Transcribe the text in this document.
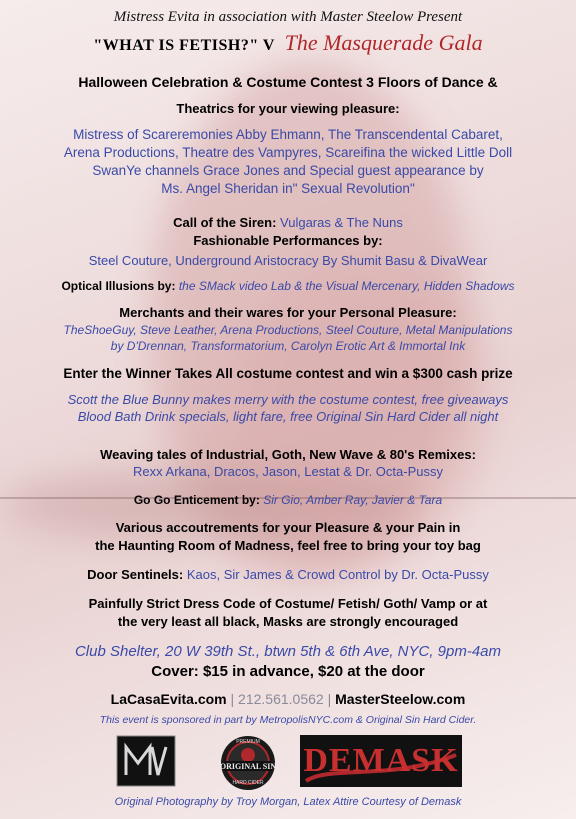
Mistress Evita in association with Master Steelow Present
"WHAT IS FETISH?" V The Masquerade Gala
Halloween Celebration & Costume Contest 3 Floors of Dance &
Theatrics for your viewing pleasure:
Mistress of Scareremonies Abby Ehmann, The Transcendental Cabaret,
Arena Productions, Theatre des Vampyres, Scareifina the wicked Little Doll
SwanYe channels Grace Jones and Special guest appearance by
Ms. Angel Sheridan in" Sexual Revolution"
Call of the Siren: Vulgaras & The Nuns
Fashionable Performances by:
Steel Couture, Underground Aristocracy By Shumit Basu & DivaWear
Optical Illusions by: the SMack video Lab & the Visual Mercenary, Hidden Shadows
Merchants and their wares for your Personal Pleasure:
TheShoeGuy, Steve Leather, Arena Productions, Steel Couture, Metal Manipulations
by D'Drennan, Transformatorium, Carolyn Erotic Art & Immortal Ink
Enter the Winner Takes All costume contest and win a $300 cash prize
Scott the Blue Bunny makes merry with the costume contest, free giveaways
Blood Bath Drink specials, light fare, free Original Sin Hard Cider all night
Weaving tales of Industrial, Goth, New Wave & 80's Remixes:
Rexx Arkana, Dracos, Jason, Lestat & Dr. Octa-Pussy
Go Go Enticement by: Sir Gio, Amber Ray, Javier & Tara
Various accoutrements for your Pleasure & your Pain in
the Haunting Room of Madness, feel free to bring your toy bag
Door Sentinels: Kaos, Sir James & Crowd Control by Dr. Octa-Pussy
Painfully Strict Dress Code of Costume/ Fetish/ Goth/ Vamp or at
the very least all black, Masks are strongly encouraged
Club Shelter, 20 W 39th St., btwn 5th & 6th Ave, NYC, 9pm-4am
Cover: $15 in advance, $20 at the door
LaCasaEvita.com | 212.561.0562 | MasterSteelow.com
This event is sponsored in part by MetropolisNYC.com & Original Sin Hard Cider.
PREMIUM
ORIGINAL SIN
HARD CIDER
DEMASK
Original Photography by Troy Morgan, Latex Attire Courtesy of Demask
